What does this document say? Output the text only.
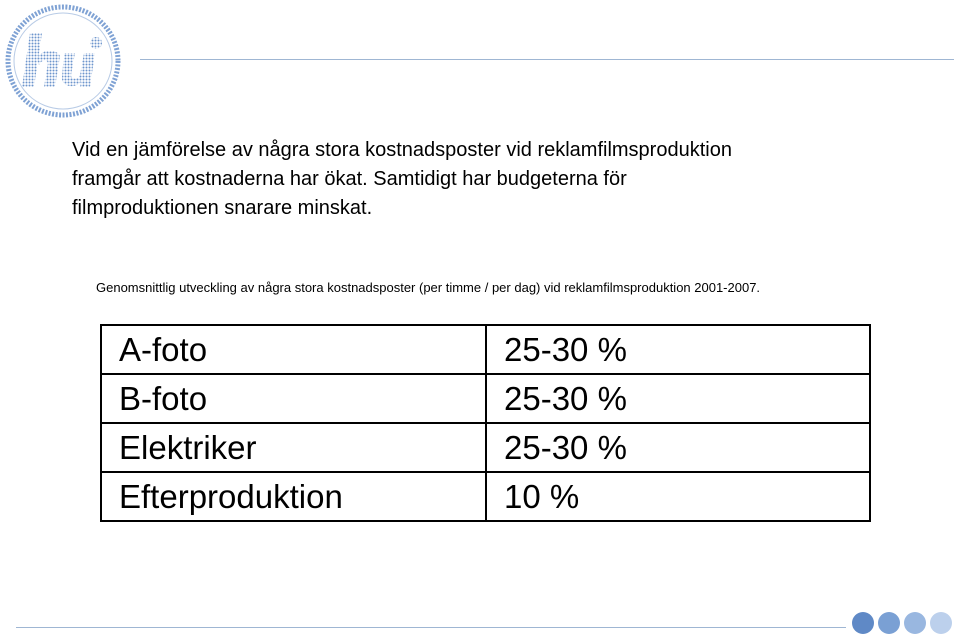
Vid en jämförelse av några stora kostnadsposter vid reklamfilmsproduktion
framgår att kostnaderna har ökat. Samtidigt har budgeterna för
filmproduktionen snarare minskat.
Genomsnittlig utveckling av några stora kostnadsposter (per timme / per dag) vid reklamfilmsproduktion 2001-2007.
A-foto	25-30 %
B-foto	25-30 %
Elektriker	25-30 %
Efterproduktion	10 %
